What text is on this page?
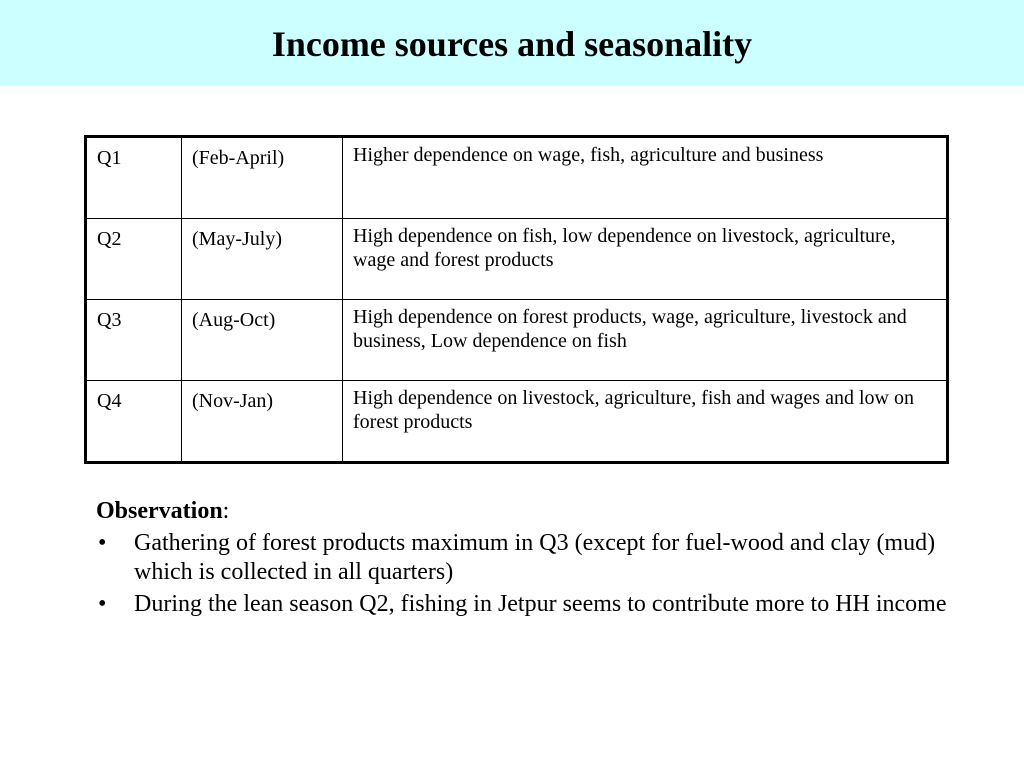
Income sources and seasonality
Q1	(Feb-April)	Higher dependence on wage, fish, agriculture and business
Q2	(May-July)	High dependence on fish, low dependence on livestock, agriculture, wage and forest products
Q3	(Aug-Oct)	High dependence on forest products, wage, agriculture, livestock and business, Low dependence on fish
Q4	(Nov-Jan)	High dependence on livestock, agriculture, fish and wages and low on forest products
Observation:
• Gathering of forest products maximum in Q3 (except for fuel-wood and clay (mud) which is collected in all quarters)
• During the lean season Q2, fishing in Jetpur seems to contribute more to HH income
